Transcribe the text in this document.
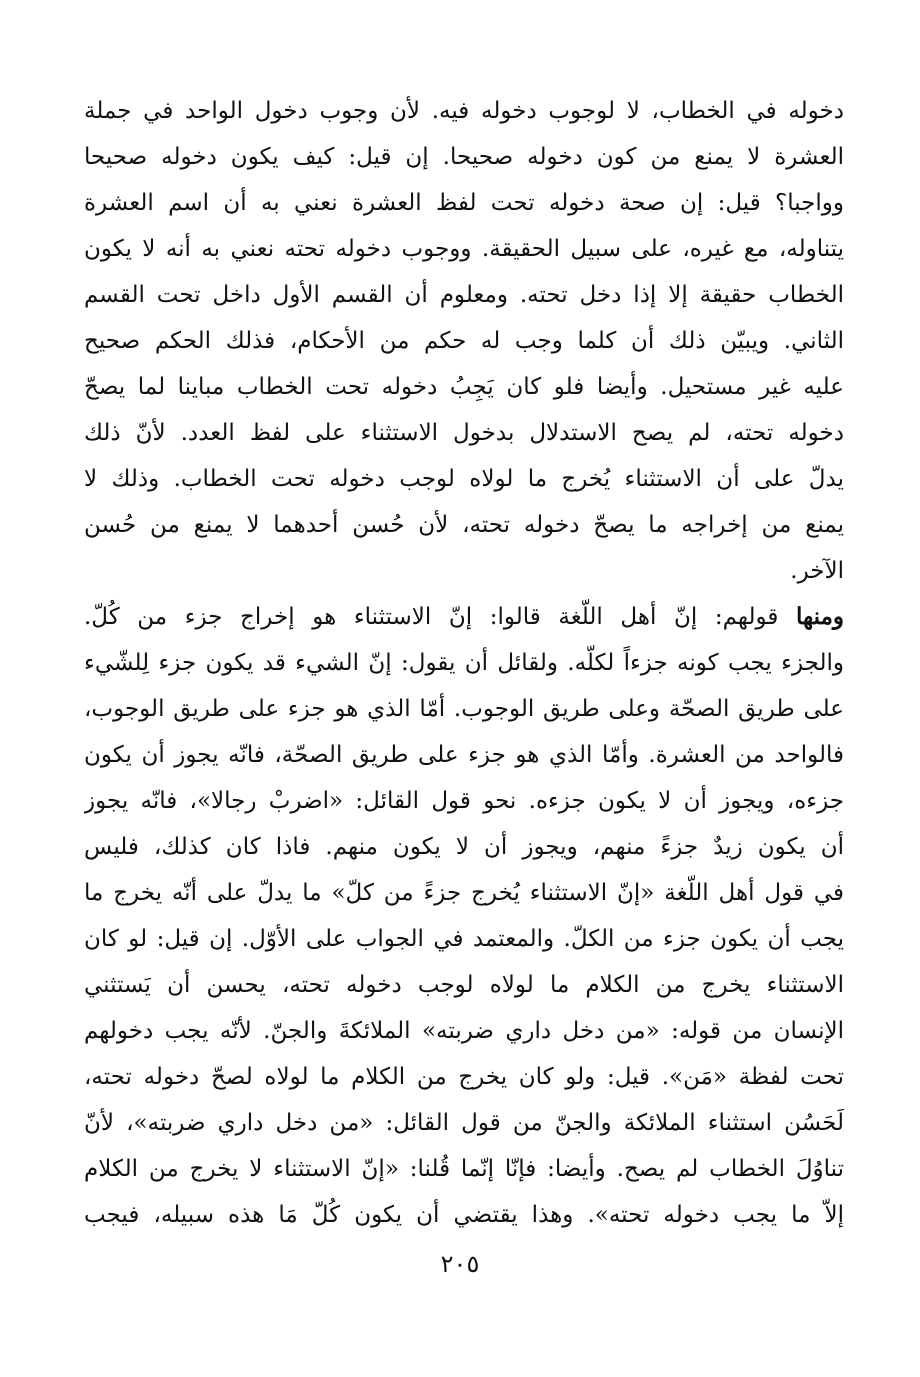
دخوله في الخطاب، لا لوجوب دخوله فيه. لأن وجوب دخول الواحد في جملة
العشرة لا يمنع من كون دخوله صحيحا. إن قيل: كيف يكون دخوله صحيحا
وواجبا؟ قيل: إن صحة دخوله تحت لفظ العشرة نعني به أن اسم العشرة
يتناوله، مع غيره، على سبيل الحقيقة. ووجوب دخوله تحته نعني به أنه لا يكون
الخطاب حقيقة إلا إذا دخل تحته. ومعلوم أن القسم الأول داخل تحت القسم
الثاني. ويبيّن ذلك أن كلما وجب له حكم من الأحكام، فذلك الحكم صحيح
عليه غير مستحيل. وأيضا فلو كان يَجِبُ دخوله تحت الخطاب مباينا لما يصحّ
دخوله تحته، لم يصح الاستدلال بدخول الاستثناء على لفظ العدد. لأنّ ذلك
يدلّ على أن الاستثناء يُخرج ما لولاه لوجب دخوله تحت الخطاب. وذلك لا
يمنع من إخراجه ما يصحّ دخوله تحته، لأن حُسن أحدهما لا يمنع من حُسن
الآخر.
ومنها قولهم: إنّ أهل اللّغة قالوا: إنّ الاستثناء هو إخراج جزء من كُلّ.
والجزء يجب كونه جزءاً لكلّه. ولقائل أن يقول: إنّ الشيء قد يكون جزء لِلشّيء
على طريق الصحّة وعلى طريق الوجوب. أمّا الذي هو جزء على طريق الوجوب،
فالواحد من العشرة. وأمّا الذي هو جزء على طريق الصحّة، فانّه يجوز أن يكون
جزءه، ويجوز أن لا يكون جزءه. نحو قول القائل: «اضربْ رجالا»، فانّه يجوز
أن يكون زيدٌ جزءً منهم، ويجوز أن لا يكون منهم. فاذا كان كذلك، فليس
في قول أهل اللّغة «إنّ الاستثناء يُخرج جزءً من كلّ» ما يدلّ على أنّه يخرج ما
يجب أن يكون جزء من الكلّ. والمعتمد في الجواب على الأوّل. إن قيل: لو كان
الاستثناء يخرج من الكلام ما لولاه لوجب دخوله تحته، يحسن أن يَستثني
الإنسان من قوله: «من دخل داري ضربته» الملائكةَ والجنّ. لأنّه يجب دخولهم
تحت لفظة «مَن». قيل: ولو كان يخرج من الكلام ما لولاه لصحّ دخوله تحته،
لَحَسُن استثناء الملائكة والجنّ من قول القائل: «من دخل داري ضربته»، لأنّ
تناوُلَ الخطاب لم يصح. وأيضا: فإنّا إنّما قُلنا: «إنّ الاستثناء لا يخرج من الكلام
إلاّ ما يجب دخوله تحته». وهذا يقتضي أن يكون كُلّ مَا هذه سبيله، فيجب
٢٠٥
